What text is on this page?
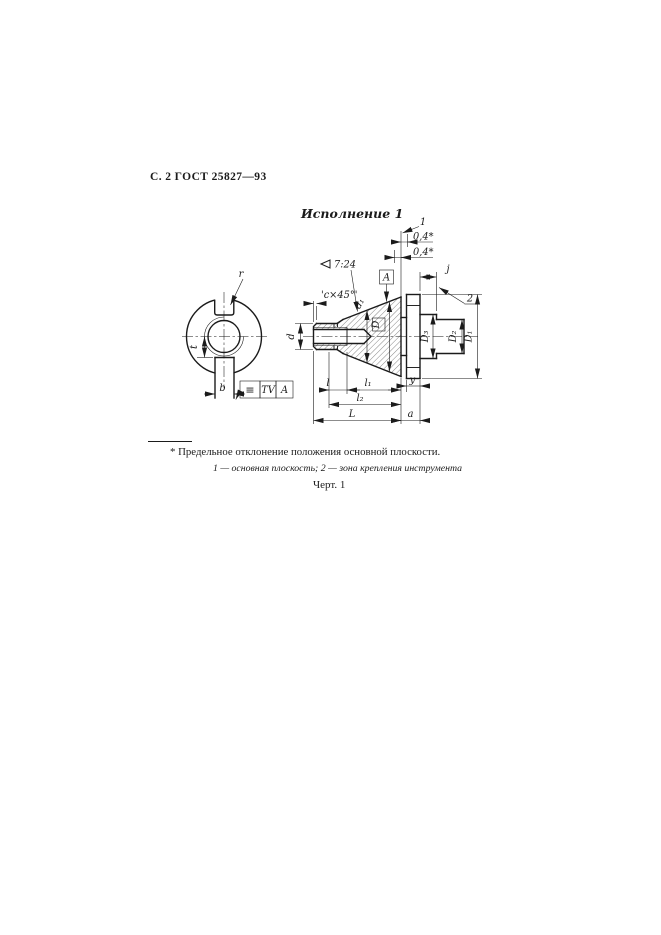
С. 2 ГОСТ 25827—93
Исполнение 1
r
t
b ≡ TV A
7:24
'c×45°'
d
d₁
A
D
1
0,4*
0,4*
j
2
D₃ D₂ D₁
у
l	l₁
l₂
L	a
* Предельное отклонение положения основной плоскости.
1 — основная плоскость; 2 — зона крепления инструмента
Черт. 1
